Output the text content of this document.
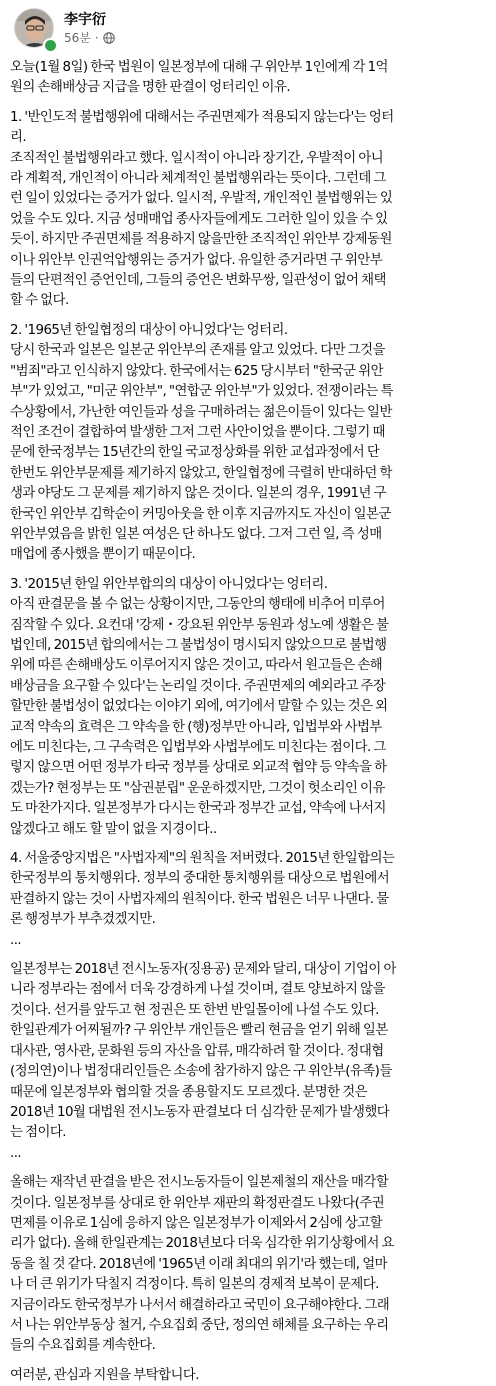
李宇衍
56분 ·

오늘(1월 8일) 한국 법원이 일본정부에 대해 구 위안부 1인에게 각 1억
원의 손해배상금 지급을 명한 판결이 엉터리인 이유.

1. '반인도적 불법행위에 대해서는 주권면제가 적용되지 않는다'는 엉터
리.
조직적인 불법행위라고 했다. 일시적이 아니라 장기간, 우발적이 아니
라 계획적, 개인적이 아니라 체계적인 불법행위라는 뜻이다. 그런데 그
런 일이 있었다는 증거가 없다. 일시적, 우발적, 개인적인 불법행위는 있
었을 수도 있다. 지금 성매매업 종사자들에게도 그러한 일이 있을 수 있
듯이. 하지만 주권면제를 적용하지 않을만한 조직적인 위안부 강제동원
이나 위안부 인권억압행위는 증거가 없다. 유일한 증거라면 구 위안부
들의 단편적인 증언인데, 그들의 증언은 변화무쌍, 일관성이 없어 채택
할 수 없다.

2. '1965년 한일협정의 대상이 아니었다'는 엉터리.
당시 한국과 일본은 일본군 위안부의 존재를 알고 있었다. 다만 그것을
"범죄"라고 인식하지 않았다. 한국에서는 625 당시부터 "한국군 위안
부"가 있었고, "미군 위안부", "연합군 위안부"가 있었다. 전쟁이라는 특
수상황에서, 가난한 여인들과 성을 구매하려는 젊은이들이 있다는 일반
적인 조건이 결합하여 발생한 그저 그런 사안이었을 뿐이다. 그렇기 때
문에 한국정부는 15년간의 한일 국교정상화를 위한 교섭과정에서 단
한번도 위안부문제를 제기하지 않았고, 한일협정에 극렬히 반대하던 학
생과 야당도 그 문제를 제기하지 않은 것이다. 일본의 경우, 1991년 구
한국인 위안부 김학순이 커밍아웃을 한 이후 지금까지도 자신이 일본군
위안부였음을 밝힌 일본 여성은 단 하나도 없다. 그저 그런 일, 즉 성매
매업에 종사했을 뿐이기 때문이다.

3. '2015년 한일 위안부합의의 대상이 아니었다'는 엉터리.
아직 판결문을 볼 수 없는 상황이지만, 그동안의 행태에 비추어 미루어
짐작할 수 있다. 요컨대 '강제・강요된 위안부 동원과 성노예 생활은 불
법인데, 2015년 합의에서는 그 불법성이 명시되지 않았으므로 불법행
위에 따른 손해배상도 이루어지지 않은 것이고, 따라서 원고들은 손해
배상금을 요구할 수 있다'는 논리일 것이다. 주권면제의 예외라고 주장
할만한 불법성이 없었다는 이야기 외에, 여기에서 말할 수 있는 것은 외
교적 약속의 효력은 그 약속을 한 (행)정부만 아니라, 입법부와 사법부
에도 미친다는, 그 구속력은 입법부와 사법부에도 미친다는 점이다. 그
렇지 않으면 어떤 정부가 타국 정부를 상대로 외교적 협약 등 약속을 하
겠는가? 현정부는 또 "삼권분립" 운운하겠지만, 그것이 헛소리인 이유
도 마찬가지다. 일본정부가 다시는 한국과 정부간 교섭, 약속에 나서지
않겠다고 해도 할 말이 없을 지경이다..

4. 서울중앙지법은 "사법자제"의 원칙을 저버렸다. 2015년 한일합의는
한국정부의 통치행위다. 정부의 중대한 통치행위를 대상으로 법원에서
판결하지 않는 것이 사법자제의 원칙이다. 한국 법원은 너무 나댄다. 물
론 행정부가 부추겼겠지만.
...

일본정부는 2018년 전시노동자(징용공) 문제와 달리, 대상이 기업이 아
니라 정부라는 점에서 더욱 강경하게 나설 것이며, 결토 양보하지 않을
것이다. 선거를 앞두고 현 정권은 또 한번 반일몰이에 나설 수도 있다.
한일관계가 어찌될까? 구 위안부 개인들은 빨리 현금을 얻기 위해 일본
대사관, 영사관, 문화원 등의 자산을 압류, 매각하려 할 것이다. 정대협
(정의연)이나 법정대리인들은 소송에 참가하지 않은 구 위안부(유족)들
때문에 일본정부와 협의할 것을 종용할지도 모르겠다. 분명한 것은
2018년 10월 대법원 전시노동자 판결보다 더 심각한 문제가 발생했다
는 점이다.
...

올해는 재작년 판결을 받은 전시노동자들이 일본제철의 재산을 매각할
것이다. 일본정부를 상대로 한 위안부 재판의 확정판결도 나왔다(주권
면제를 이유로 1심에 응하지 않은 일본정부가 이제와서 2심에 상고할
리가 없다). 올해 한일관계는 2018년보다 더욱 심각한 위기상황에서 요
동을 칠 것 같다. 2018년에 '1965년 이래 최대의 위기'라 했는데, 얼마
나 더 큰 위기가 닥칠지 걱정이다. 특히 일본의 경제적 보복이 문제다.
지금이라도 한국정부가 나서서 해결하라고 국민이 요구해야한다. 그래
서 나는 위안부동상 철거, 수요집회 중단, 정의연 해체를 요구하는 우리
들의 수요집회를 계속한다.

여러분, 관심과 지원을 부탁합니다.
